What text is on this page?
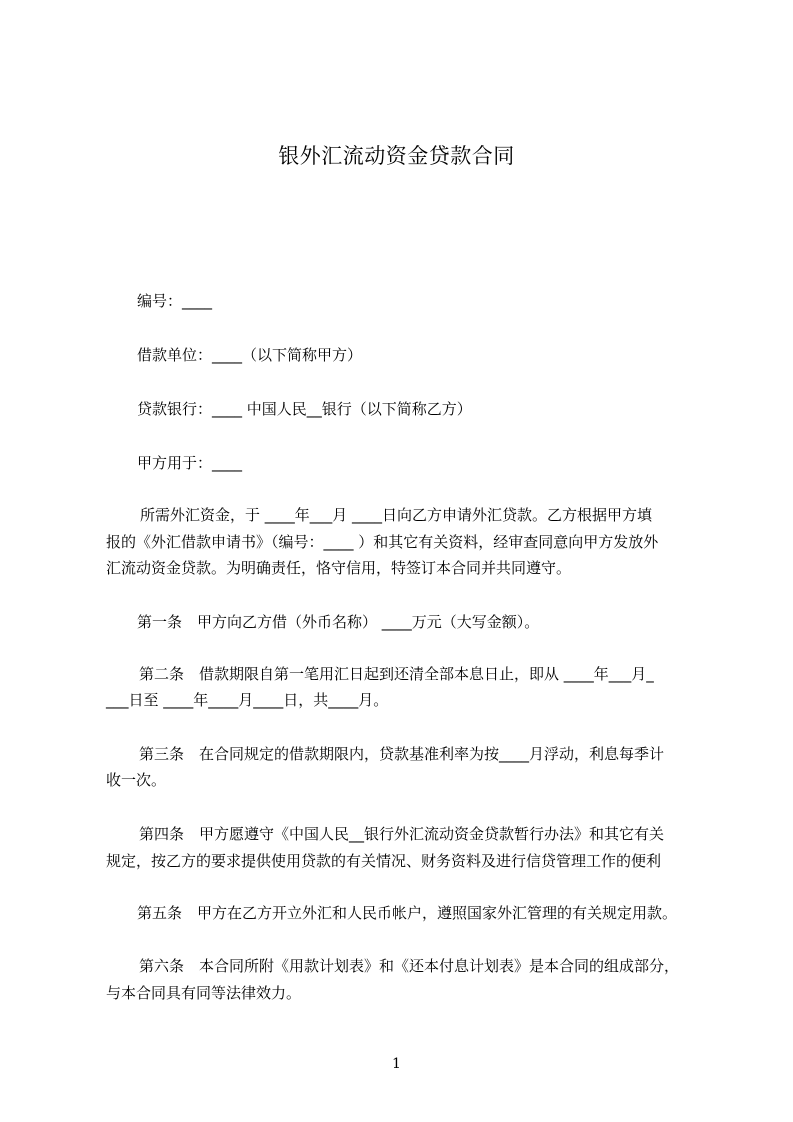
银外汇流动资金贷款合同
编号：____
借款单位：____（以下简称甲方）
贷款银行：____ 中国人民__银行（以下简称乙方）
甲方用于：____
所需外汇资金，于 ____年___月 ____日向乙方申请外汇贷款。乙方根据甲方填
报的《外汇借款申请书》（编号：____ ）和其它有关资料，经审查同意向甲方发放外
汇流动资金贷款。为明确责任，恪守信用，特签订本合同并共同遵守。
第一条　甲方向乙方借（外币名称） ____万元（大写金额）。
第二条　借款期限自第一笔用汇日起到还清全部本息日止，即从 ____年___月_
___日至 ____年____月____日，共____月。
第三条　在合同规定的借款期限内，贷款基准利率为按____月浮动，利息每季计
收一次。
第四条　甲方愿遵守《中国人民__银行外汇流动资金贷款暂行办法》和其它有关
规定，按乙方的要求提供使用贷款的有关情况、财务资料及进行信贷管理工作的便利
第五条　甲方在乙方开立外汇和人民币帐户，遵照国家外汇管理的有关规定用款。
第六条　本合同所附《用款计划表》和《还本付息计划表》是本合同的组成部分，
与本合同具有同等法律效力。
1
